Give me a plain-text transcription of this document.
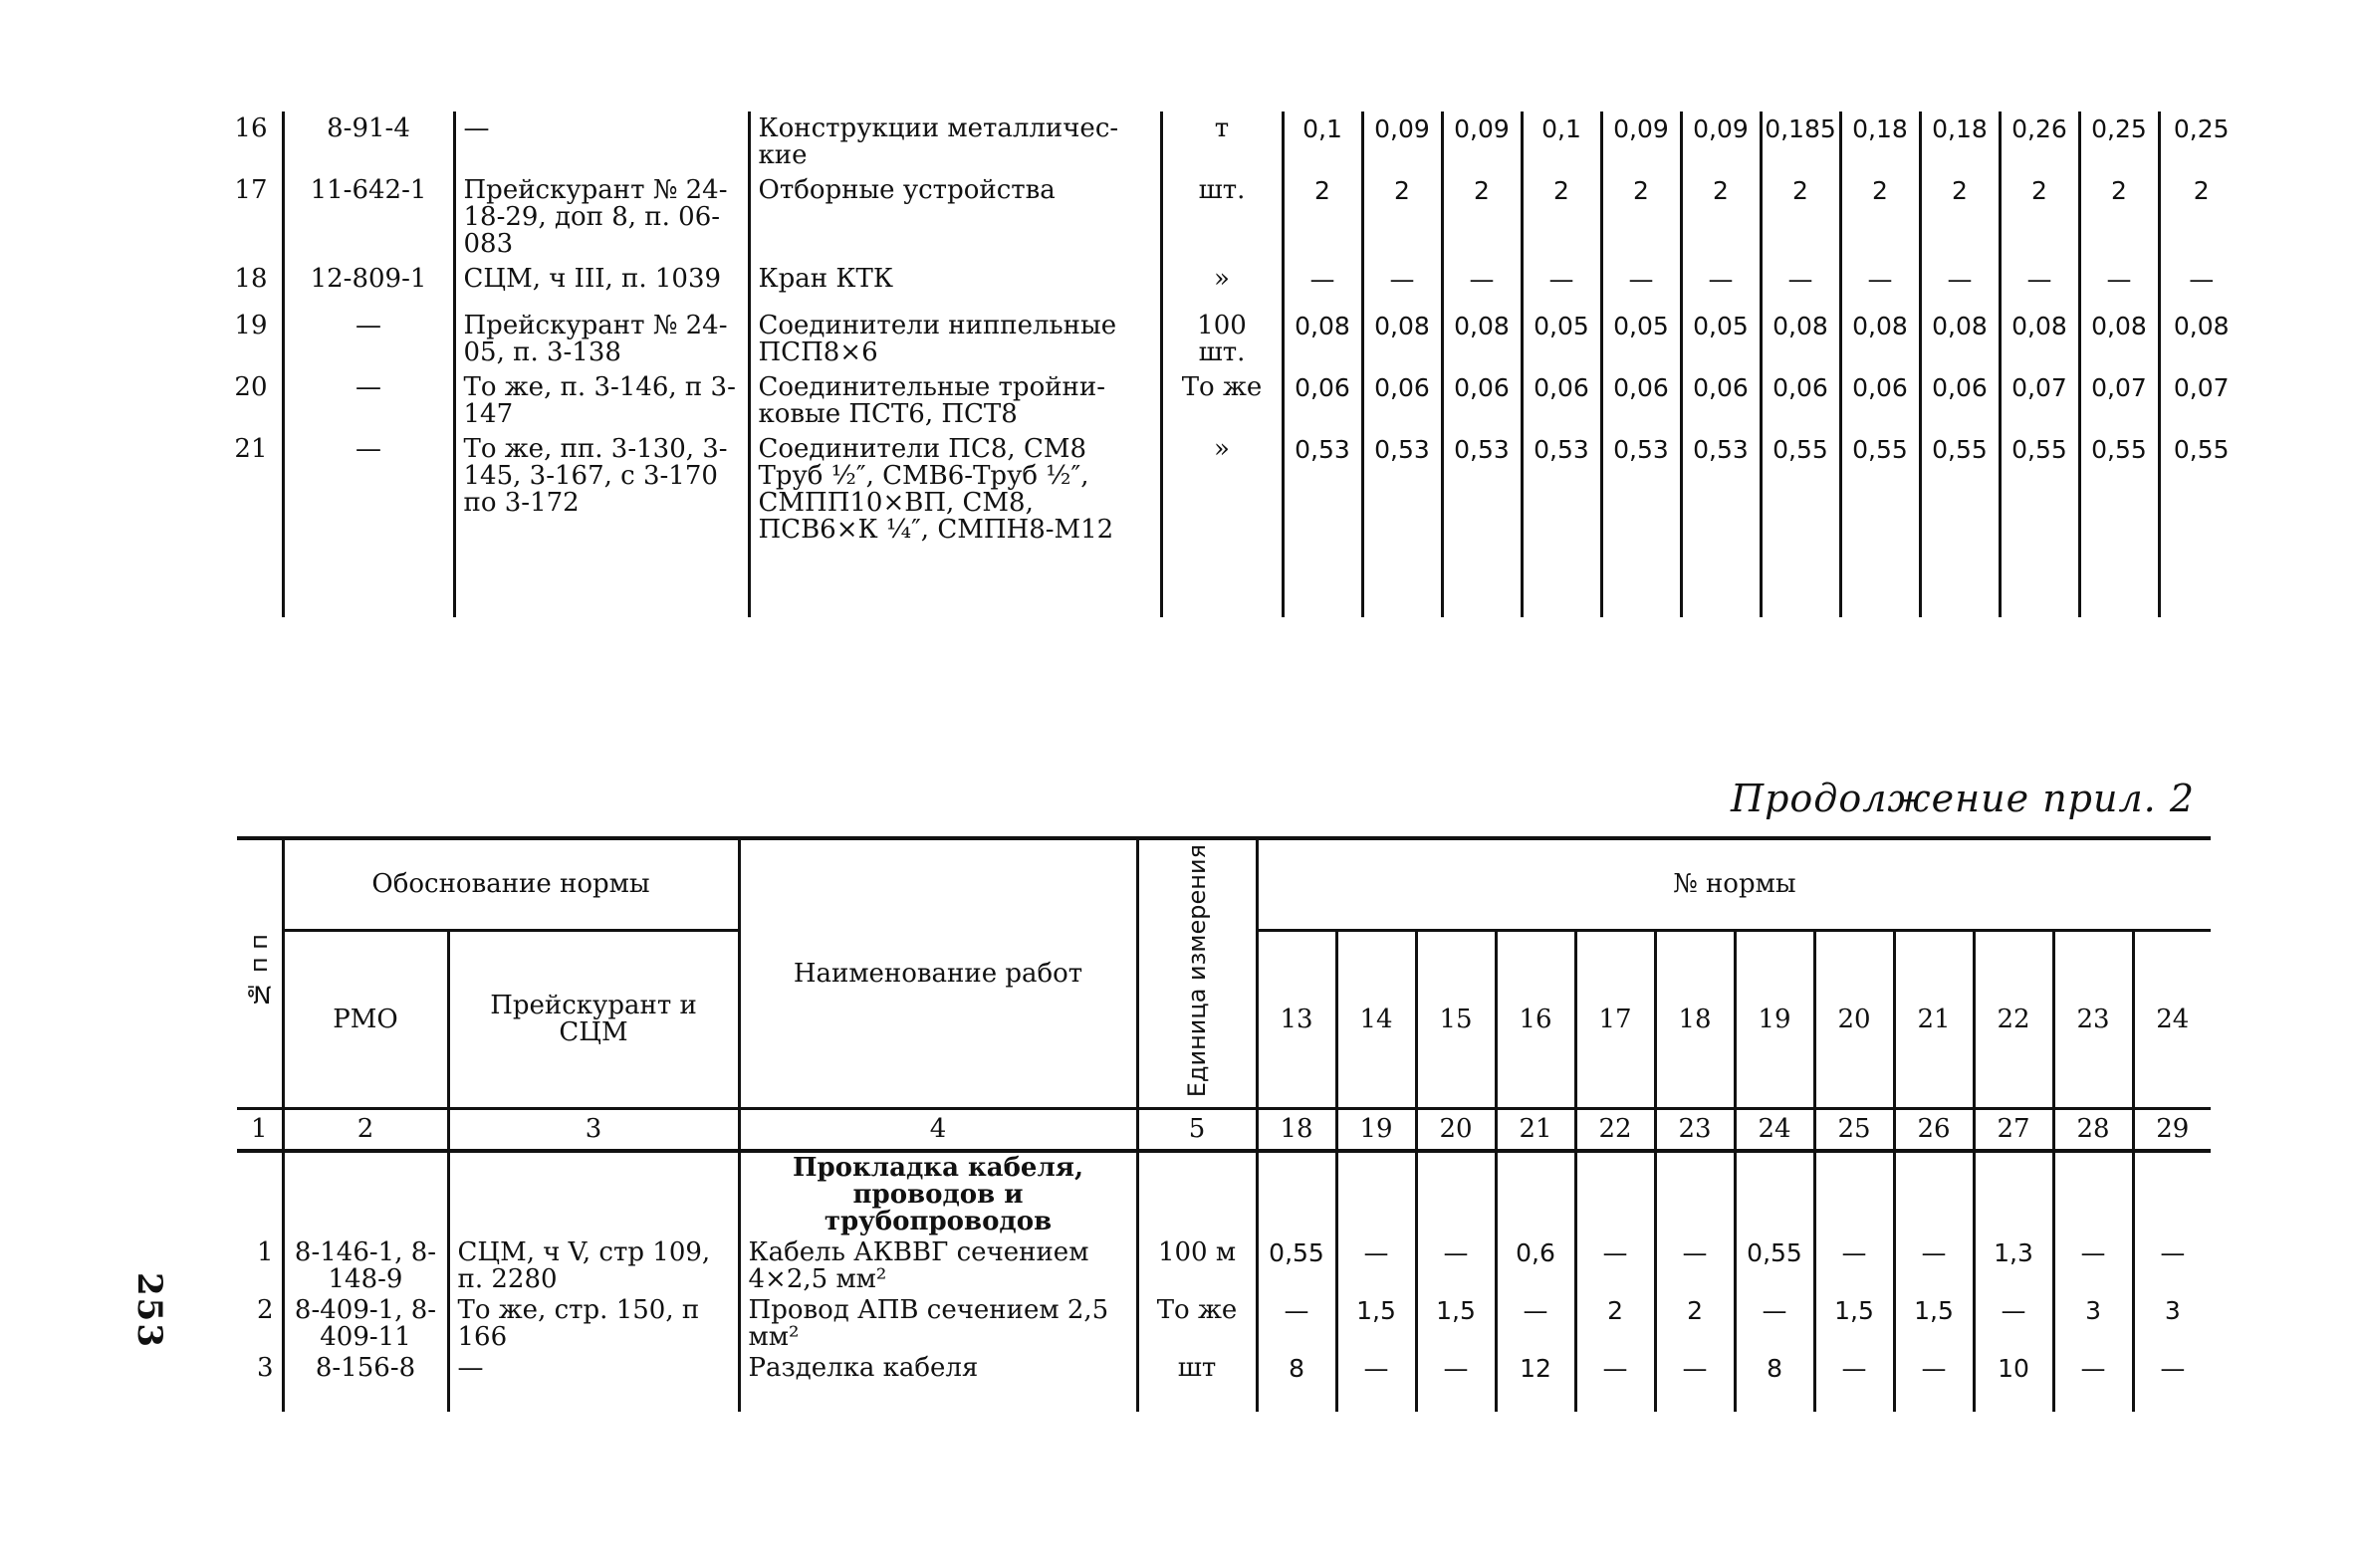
16	8-91-4	—	Конструкции металличес-кие	т	0,1	0,09	0,09	0,1	0,09	0,09	0,185	0,18	0,18	0,26	0,25	0,25
17	11-642-1	Прейскурант № 24-18-29, доп 8, п. 06-083	Отборные устройства	шт.	2	2	2	2	2	2	2	2	2	2	2	2
18	12-809-1	СЦМ, ч III, п. 1039	Кран КТК	»	—	—	—	—	—	—	—	—	—	—	—	—
19	—	Прейскурант № 24-05, п. 3-138	Соединители ниппельные ПСП8×6	100 шт.	0,08	0,08	0,08	0,05	0,05	0,05	0,08	0,08	0,08	0,08	0,08	0,08
20	—	То же, п. 3-146, п 3-147	Соединительные тройни-ковые ПСТ6, ПСТ8	То же	0,06	0,06	0,06	0,06	0,06	0,06	0,06	0,06	0,06	0,07	0,07	0,07
21	—	То же, пп. 3-130, 3-145, 3-167, с 3-170 по 3-172	Соединители ПС8, СМ8 Труб ½″, СМВ6-Труб ½″, СМПП10×ВП, СМ8, ПСВ6×К ¼″, СМПН8-М12	»	0,53	0,53	0,53	0,53	0,53	0,53	0,55	0,55	0,55	0,55	0,55	0,55

Продолжение прил. 2
№ п п	Обоснование нормы		Наименование работ	Единица измерения	№ нормы											
	РМО	Прейскурант и СЦМ			13	14	15	16	17	18	19	20	21	22	23	24
1	2	3	4	5	18	19	20	21	22	23	24	25	26	27	28	29
			Прокладка кабеля, проводов и трубопроводов													
1	8-146-1, 8-148-9	СЦМ, ч V, стр 109, п. 2280	Кабель АКВВГ сечением 4×2,5 мм²	100 м	0,55	—	—	0,6	—	—	0,55	—	—	1,3	—	—
2	8-409-1, 8-409-11	То же, стр. 150, п 166	Провод АПВ сечением 2,5 мм²	То же	—	1,5	1,5	—	2	2	—	1,5	1,5	—	3	3
3	8-156-8	—	Разделка кабеля	шт	8	—	—	12	—	—	8	—	—	10	—	—
253
